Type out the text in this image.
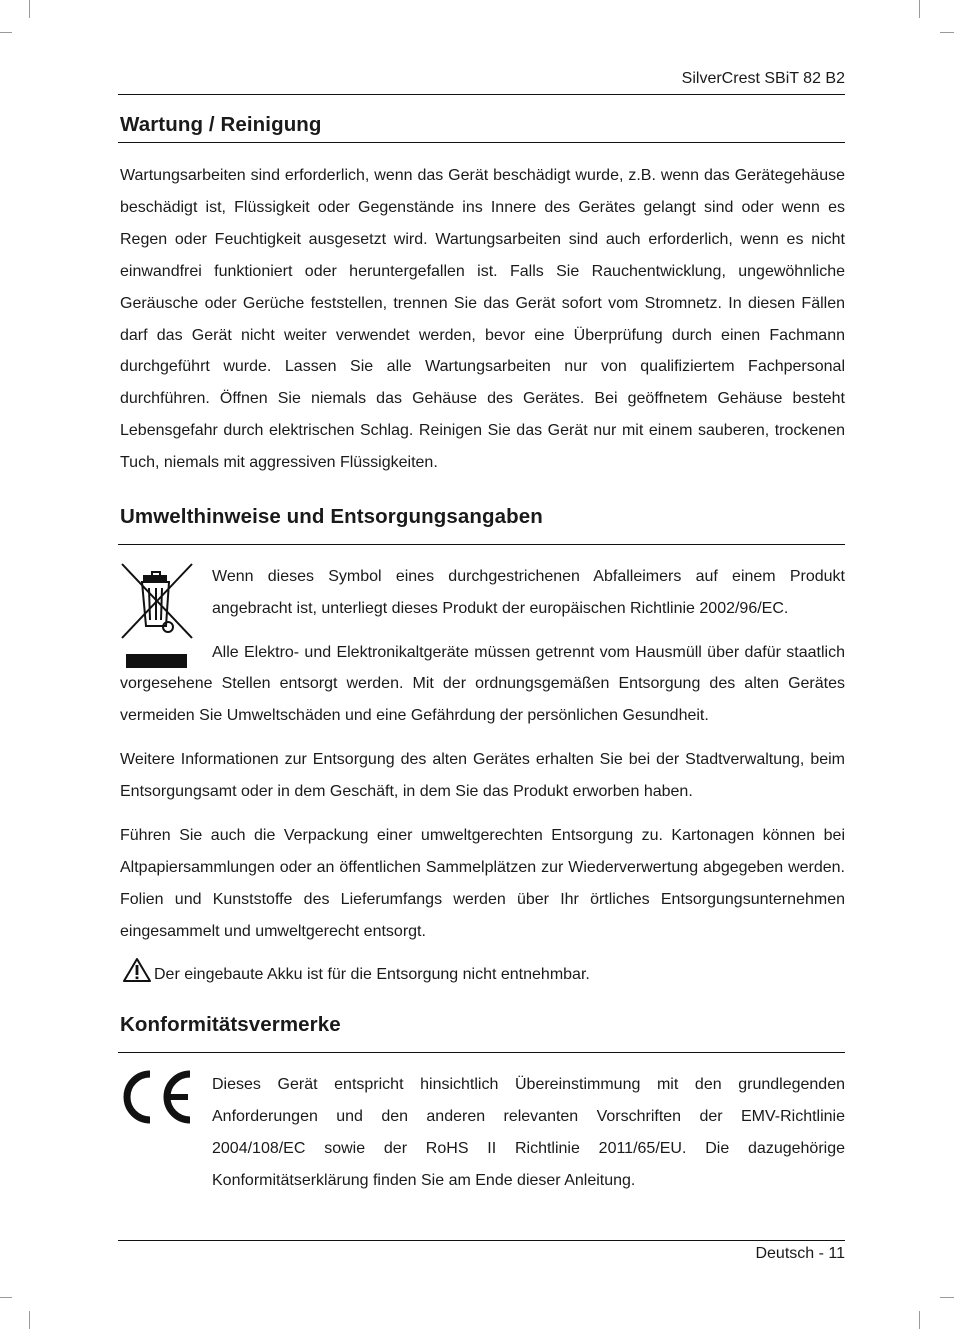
SilverCrest SBiT 82 B2
Wartung / Reinigung

Wartungsarbeiten sind erforderlich, wenn das Gerät beschädigt wurde, z.B. wenn das Gerätegehäuse beschädigt ist, Flüssigkeit oder Gegenstände ins Innere des Gerätes gelangt sind oder wenn es Regen oder Feuchtigkeit ausgesetzt wird. Wartungsarbeiten sind auch erforderlich, wenn es nicht einwandfrei funktioniert oder heruntergefallen ist. Falls Sie Rauchentwicklung, ungewöhnliche Geräusche oder Gerüche feststellen, trennen Sie das Gerät sofort vom Stromnetz. In diesen Fällen darf das Gerät nicht weiter verwendet werden, bevor eine Überprüfung durch einen Fachmann durchgeführt wurde. Lassen Sie alle Wartungsarbeiten nur von qualifiziertem Fachpersonal durchführen. Öffnen Sie niemals das Gehäuse des Gerätes. Bei geöffnetem Gehäuse besteht Lebensgefahr durch elektrischen Schlag. Reinigen Sie das Gerät nur mit einem sauberen, trockenen Tuch, niemals mit aggressiven Flüssigkeiten.

Umwelthinweise und Entsorgungsangaben

Wenn dieses Symbol eines durchgestrichenen Abfalleimers auf einem Produkt angebracht ist, unterliegt dieses Produkt der europäischen Richtlinie 2002/96/EC.

Alle Elektro- und Elektronikaltgeräte müssen getrennt vom Hausmüll über dafür staatlich

vorgesehene Stellen entsorgt werden. Mit der ordnungsgemäßen Entsorgung des alten Gerätes vermeiden Sie Umweltschäden und eine Gefährdung der persönlichen Gesundheit.

Weitere Informationen zur Entsorgung des alten Gerätes erhalten Sie bei der Stadtverwaltung, beim Entsorgungsamt oder in dem Geschäft, in dem Sie das Produkt erworben haben.

Führen Sie auch die Verpackung einer umweltgerechten Entsorgung zu. Kartonagen können bei Altpapiersammlungen oder an öffentlichen Sammelplätzen zur Wiederverwertung abgegeben werden. Folien und Kunststoffe des Lieferumfangs werden über Ihr örtliches Entsorgungsunternehmen eingesammelt und umweltgerecht entsorgt.

Der eingebaute Akku ist für die Entsorgung nicht entnehmbar.
Konformitätsvermerke

Dieses Gerät entspricht hinsichtlich Übereinstimmung mit den grundlegenden Anforderungen und den anderen relevanten Vorschriften der EMV-Richtlinie 2004/108/EC sowie der RoHS II Richtlinie 2011/65/EU. Die dazugehörige Konformitätserklärung finden Sie am Ende dieser Anleitung.

Deutsch - 11
